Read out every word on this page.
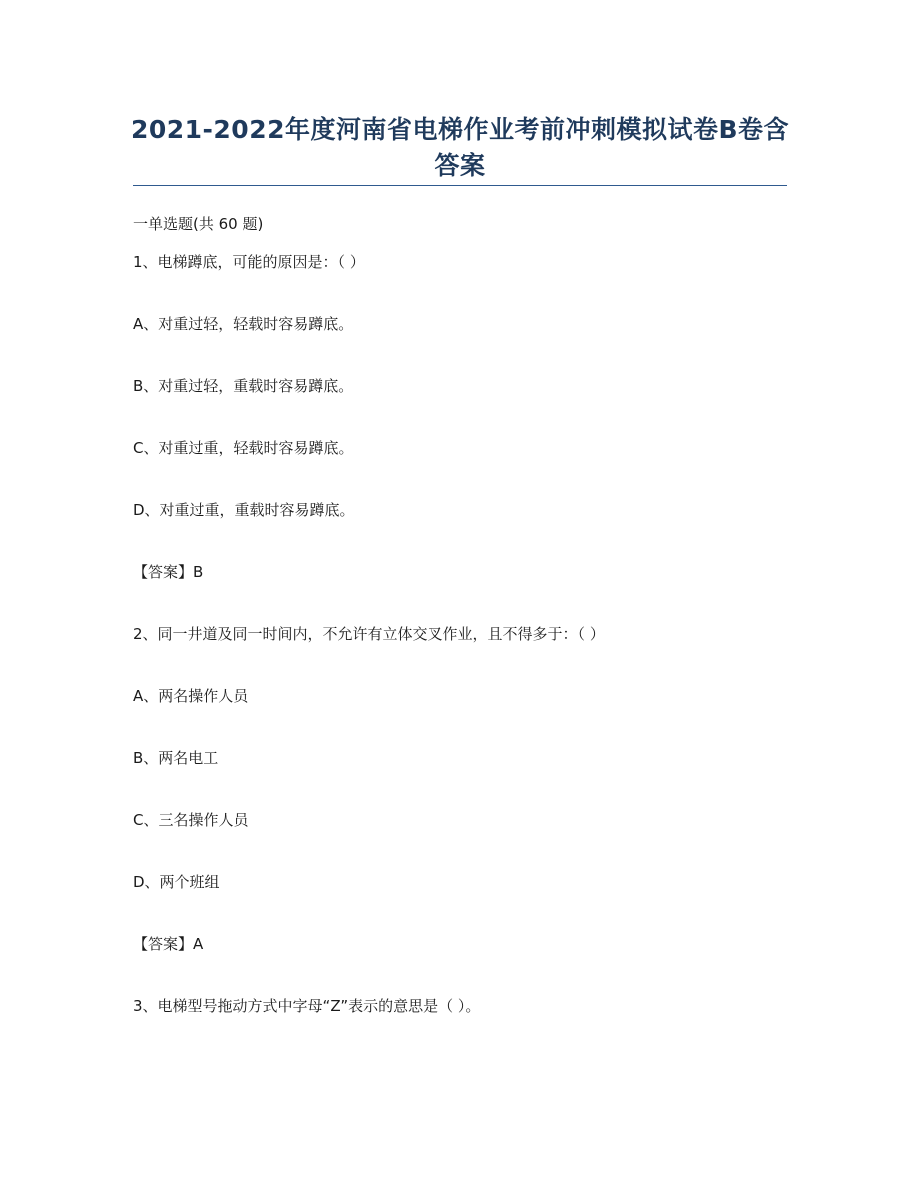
2021-2022年度河南省电梯作业考前冲刺模拟试卷B卷含答案

一单选题(共 60 题)

1、电梯蹲底，可能的原因是：（ ）

A、对重过轻，轻载时容易蹲底。

B、对重过轻，重载时容易蹲底。

C、对重过重，轻载时容易蹲底。

D、对重过重，重载时容易蹲底。

【答案】B

2、同一井道及同一时间内，不允许有立体交叉作业，且不得多于：（ ）

A、两名操作人员

B、两名电工

C、三名操作人员

D、两个班组

【答案】A

3、电梯型号拖动方式中字母“Z”表示的意思是（ ）。
